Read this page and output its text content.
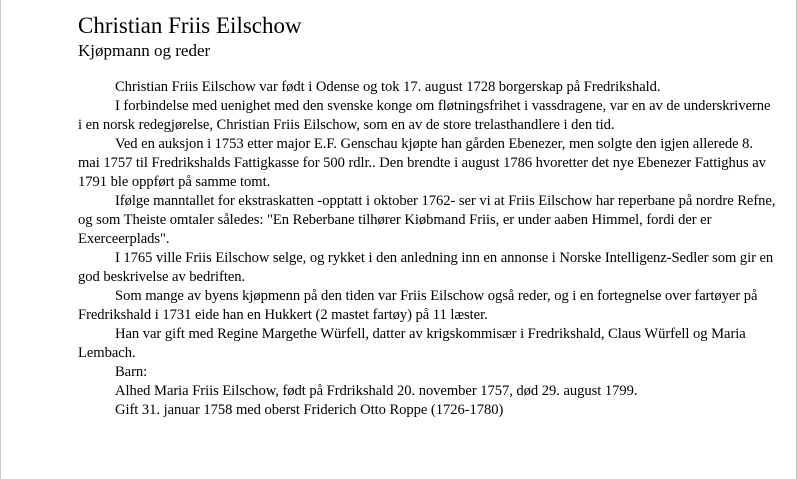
Christian Friis Eilschow
Kjøpmann og reder

Christian Friis Eilschow var født i Odense og tok 17. august 1728 borgerskap på Fredrikshald.

I forbindelse med uenighet med den svenske konge om fløtningsfrihet i vassdragene, var en av de underskriverne i en norsk redegjørelse, Christian Friis Eilschow, som en av de store trelasthandlere i den tid.

Ved en auksjon i 1753 etter major E.F. Genschau kjøpte han gården Ebenezer, men solgte den igjen allerede 8. mai 1757 til Fredrikshalds Fattigkasse for 500 rdlr.. Den brendte i august 1786 hvoretter det nye Ebenezer Fattighus av 1791 ble oppført på samme tomt.

Ifølge manntallet for ekstraskatten -opptatt i oktober 1762- ser vi at Friis Eilschow har reperbane på nordre Refne, og som Theiste omtaler således: "En Reberbane tilhører Kiøbmand Friis, er under aaben Himmel, fordi der er Exerceerplads".

I 1765 ville Friis Eilschow selge, og rykket i den anledning inn en annonse i Norske Intelligenz-Sedler som gir en god beskrivelse av bedriften.

Som mange av byens kjøpmenn på den tiden var Friis Eilschow også reder, og i en fortegnelse over fartøyer på Fredrikshald i 1731 eide han en Hukkert (2 mastet fartøy) på 11 læster.

Han var gift med Regine Margethe Würfell, datter av krigskommisær i Fredrikshald, Claus Würfell og Maria Lembach.

Barn:

Alhed Maria Friis Eilschow, født på Frdrikshald 20. november 1757, død 29. august 1799.

Gift 31. januar 1758 med oberst Friderich Otto Roppe (1726-1780)
